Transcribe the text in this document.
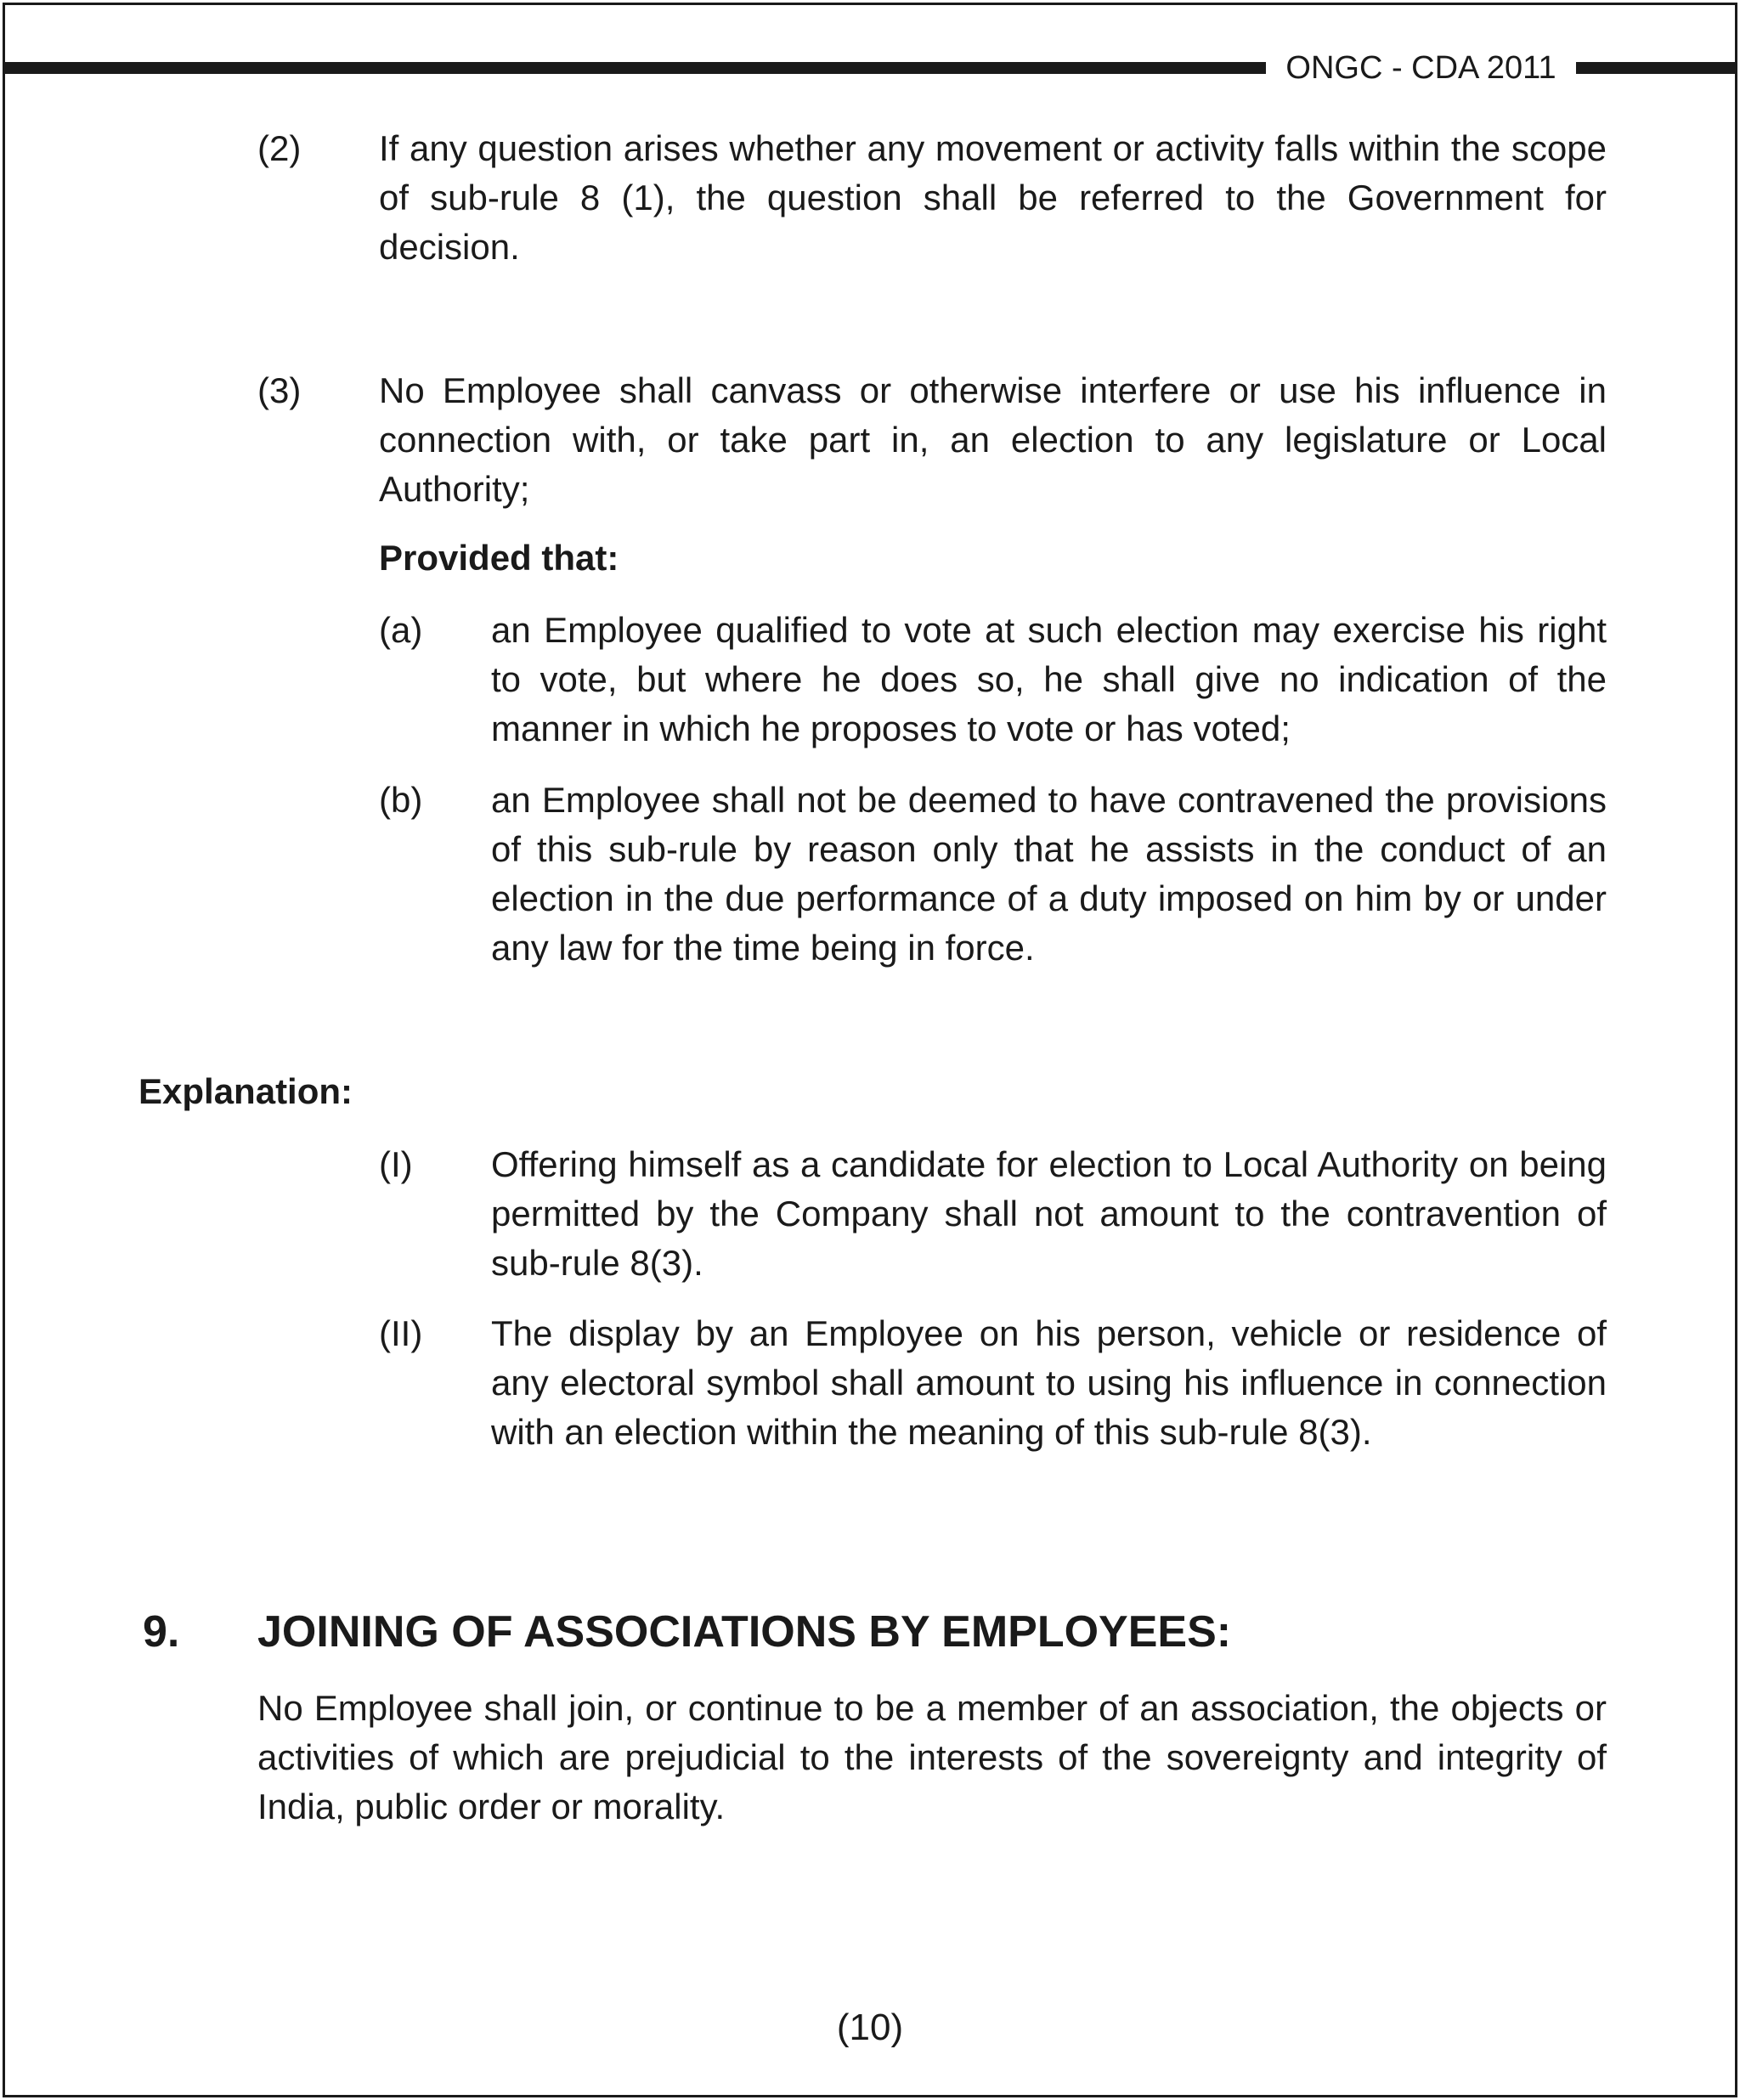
ONGC - CDA 2011
(2) If any question arises whether any movement or activity falls within the scope of sub-rule 8 (1), the question shall be referred to the Government for decision.
(3) No Employee shall canvass or otherwise interfere or use his influence in connection with, or take part in, an election to any legislature or Local Authority;
Provided that:
(a) an Employee qualified to vote at such election may exercise his right to vote, but where he does so, he shall give no indication of the manner in which he proposes to vote or has voted;
(b) an Employee shall not be deemed to have contravened the provisions of this sub-rule by reason only that he assists in the conduct of an election in the due performance of a duty imposed on him by or under any law for the time being in force.
Explanation:
(I) Offering himself as a candidate for election to Local Authority on being permitted by the Company shall not amount to the contravention of sub-rule 8(3).
(II) The display by an Employee on his person, vehicle or residence of any electoral symbol shall amount to using his influence in connection with an election within the meaning of this sub-rule 8(3).
9. JOINING OF ASSOCIATIONS BY EMPLOYEES:
No Employee shall join, or continue to be a member of an association, the objects or activities of which are prejudicial to the interests of the sovereignty and integrity of India, public order or morality.
(10)
